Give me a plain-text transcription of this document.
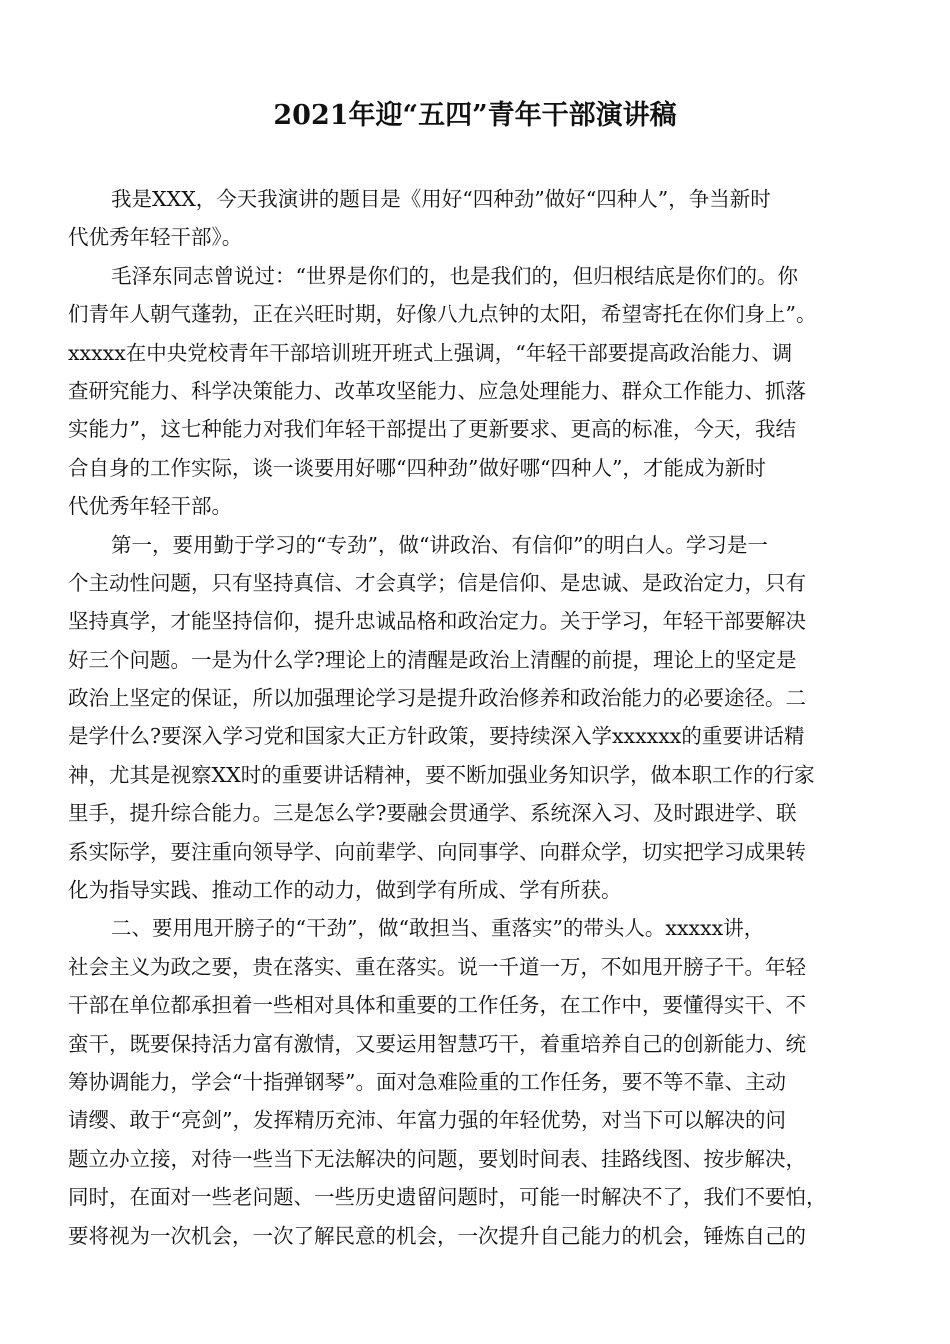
2021年迎“五四”青年干部演讲稿
我是XXX，今天我演讲的题目是《用好“四种劲”做好“四种人”，争当新时
代优秀年轻干部》。
毛泽东同志曾说过：“世界是你们的，也是我们的，但归根结底是你们的。你
们青年人朝气蓬勃，正在兴旺时期，好像八九点钟的太阳，希望寄托在你们身上”。
xxxxx在中央党校青年干部培训班开班式上强调，“年轻干部要提高政治能力、调
查研究能力、科学决策能力、改革攻坚能力、应急处理能力、群众工作能力、抓落
实能力”，这七种能力对我们年轻干部提出了更新要求、更高的标准，今天，我结
合自身的工作实际，谈一谈要用好哪“四种劲”做好哪“四种人”，才能成为新时
代优秀年轻干部。
第一，要用勤于学习的“专劲”，做“讲政治、有信仰”的明白人。学习是一
个主动性问题，只有坚持真信、才会真学；信是信仰、是忠诚、是政治定力，只有
坚持真学，才能坚持信仰，提升忠诚品格和政治定力。关于学习，年轻干部要解决
好三个问题。一是为什么学?理论上的清醒是政治上清醒的前提，理论上的坚定是
政治上坚定的保证，所以加强理论学习是提升政治修养和政治能力的必要途径。二
是学什么?要深入学习党和国家大正方针政策，要持续深入学xxxxxx的重要讲话精
神，尤其是视察XX时的重要讲话精神，要不断加强业务知识学，做本职工作的行家
里手，提升综合能力。三是怎么学?要融会贯通学、系统深入习、及时跟进学、联
系实际学，要注重向领导学、向前辈学、向同事学、向群众学，切实把学习成果转
化为指导实践、推动工作的动力，做到学有所成、学有所获。
二、要用甩开膀子的“干劲”，做“敢担当、重落实”的带头人。xxxxx讲，
社会主义为政之要，贵在落实、重在落实。说一千道一万，不如甩开膀子干。年轻
干部在单位都承担着一些相对具体和重要的工作任务，在工作中，要懂得实干、不
蛮干，既要保持活力富有激情，又要运用智慧巧干，着重培养自己的创新能力、统
筹协调能力，学会“十指弹钢琴”。面对急难险重的工作任务，要不等不靠、主动
请缨、敢于“亮剑”，发挥精历充沛、年富力强的年轻优势，对当下可以解决的问
题立办立接，对待一些当下无法解决的问题，要划时间表、挂路线图、按步解决，
同时，在面对一些老问题、一些历史遗留问题时，可能一时解决不了，我们不要怕，
要将视为一次机会，一次了解民意的机会，一次提升自己能力的机会，锤炼自己的
